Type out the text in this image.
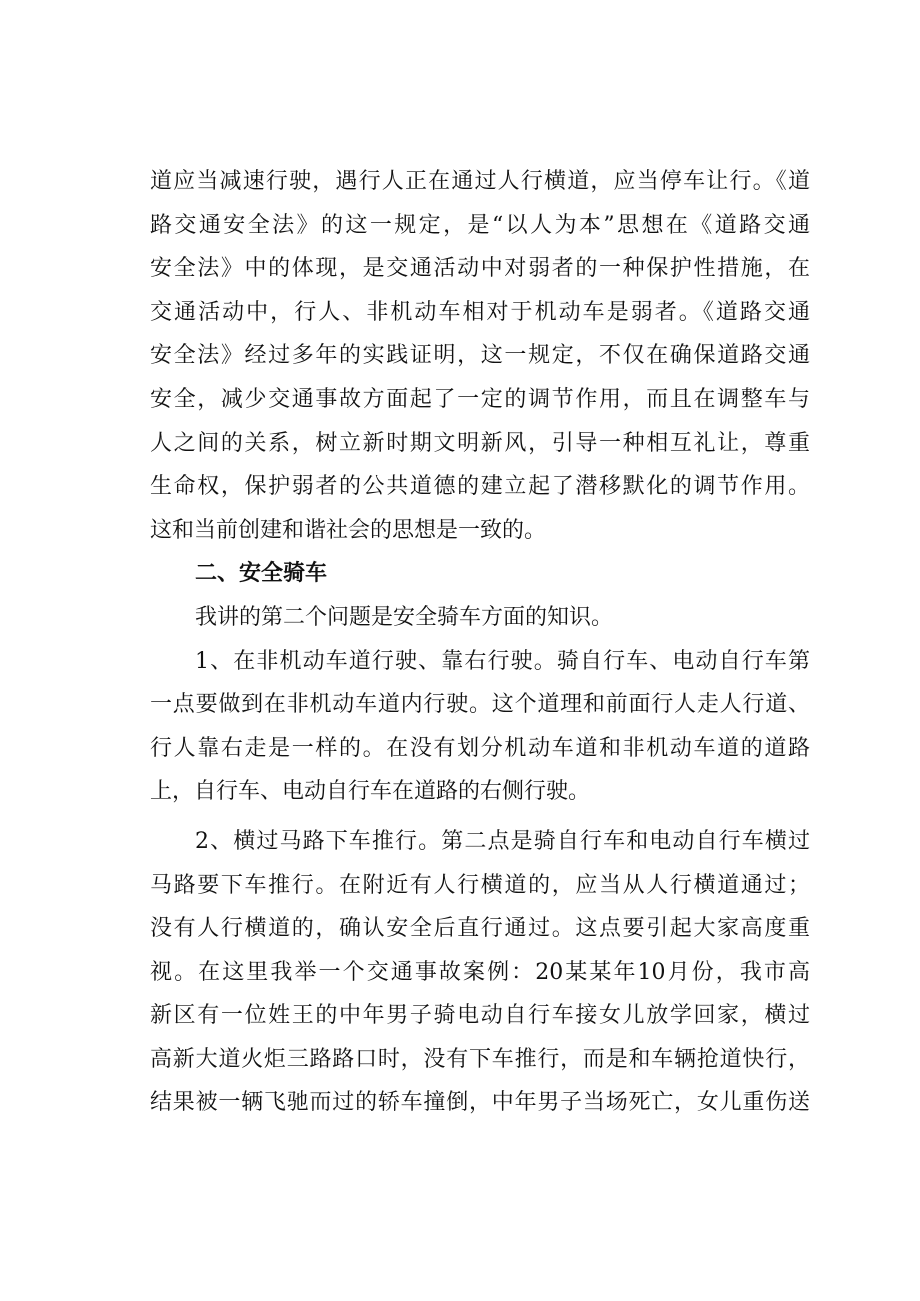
道应当减速行驶，遇行人正在通过人行横道，应当停车让行。《道
路交通安全法》的这一规定，是“以人为本”思想在《道路交通
安全法》中的体现，是交通活动中对弱者的一种保护性措施，在
交通活动中，行人、非机动车相对于机动车是弱者。《道路交通
安全法》经过多年的实践证明，这一规定，不仅在确保道路交通
安全，减少交通事故方面起了一定的调节作用，而且在调整车与
人之间的关系，树立新时期文明新风，引导一种相互礼让，尊重
生命权，保护弱者的公共道德的建立起了潜移默化的调节作用。
这和当前创建和谐社会的思想是一致的。
二、安全骑车
我讲的第二个问题是安全骑车方面的知识。
1、在非机动车道行驶、靠右行驶。骑自行车、电动自行车第
一点要做到在非机动车道内行驶。这个道理和前面行人走人行道、
行人靠右走是一样的。在没有划分机动车道和非机动车道的道路
上，自行车、电动自行车在道路的右侧行驶。
2、横过马路下车推行。第二点是骑自行车和电动自行车横过
马路要下车推行。在附近有人行横道的，应当从人行横道通过；
没有人行横道的，确认安全后直行通过。这点要引起大家高度重
视。在这里我举一个交通事故案例：20某某年10月份，我市高
新区有一位姓王的中年男子骑电动自行车接女儿放学回家，横过
高新大道火炬三路路口时，没有下车推行，而是和车辆抢道快行，
结果被一辆飞驰而过的轿车撞倒，中年男子当场死亡，女儿重伤送
